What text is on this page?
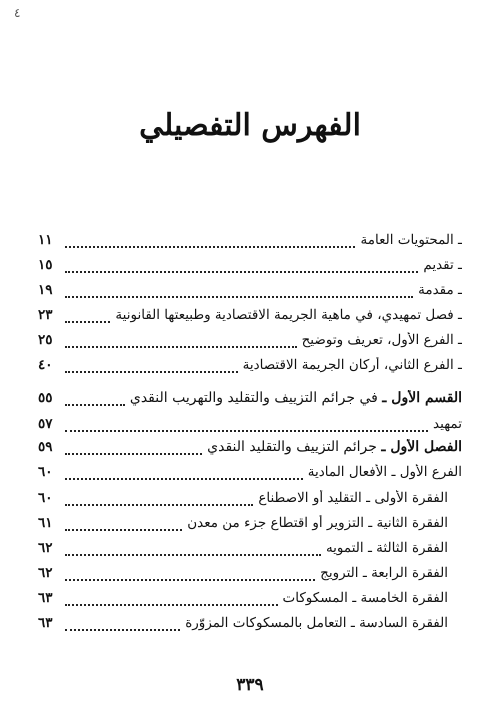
٤
الفهرس التفصيلي
ـ المحتويات العامة
١١
ـ تقديم
١٥
ـ مقدمة
١٩
ـ فصل تمهيدي، في ماهية الجريمة الاقتصادية وطبيعتها القانونية
٢٣
ـ الفرع الأول، تعريف وتوضيح
٢٥
ـ الفرع الثاني، أركان الجريمة الاقتصادية
٤٠
القسم الأول ـ في جرائم التزييف والتقليد والتهريب النقدي
٥٥
تمهيد
٥٧
الفصل الأول ـ جرائم التزييف والتقليد النقدي
٥٩
الفرع الأول ـ الأفعال المادية
٦٠
الفقرة الأولى ـ التقليد أو الاصطناع
٦٠
الفقرة الثانية ـ التزوير أو اقتطاع جزء من معدن
٦١
الفقرة الثالثة ـ التمويه
٦٢
الفقرة الرابعة ـ الترويج
٦٢
الفقرة الخامسة ـ المسكوكات
٦٣
الفقرة السادسة ـ التعامل بالمسكوكات المزوّرة
٦٣
٣٣٩
